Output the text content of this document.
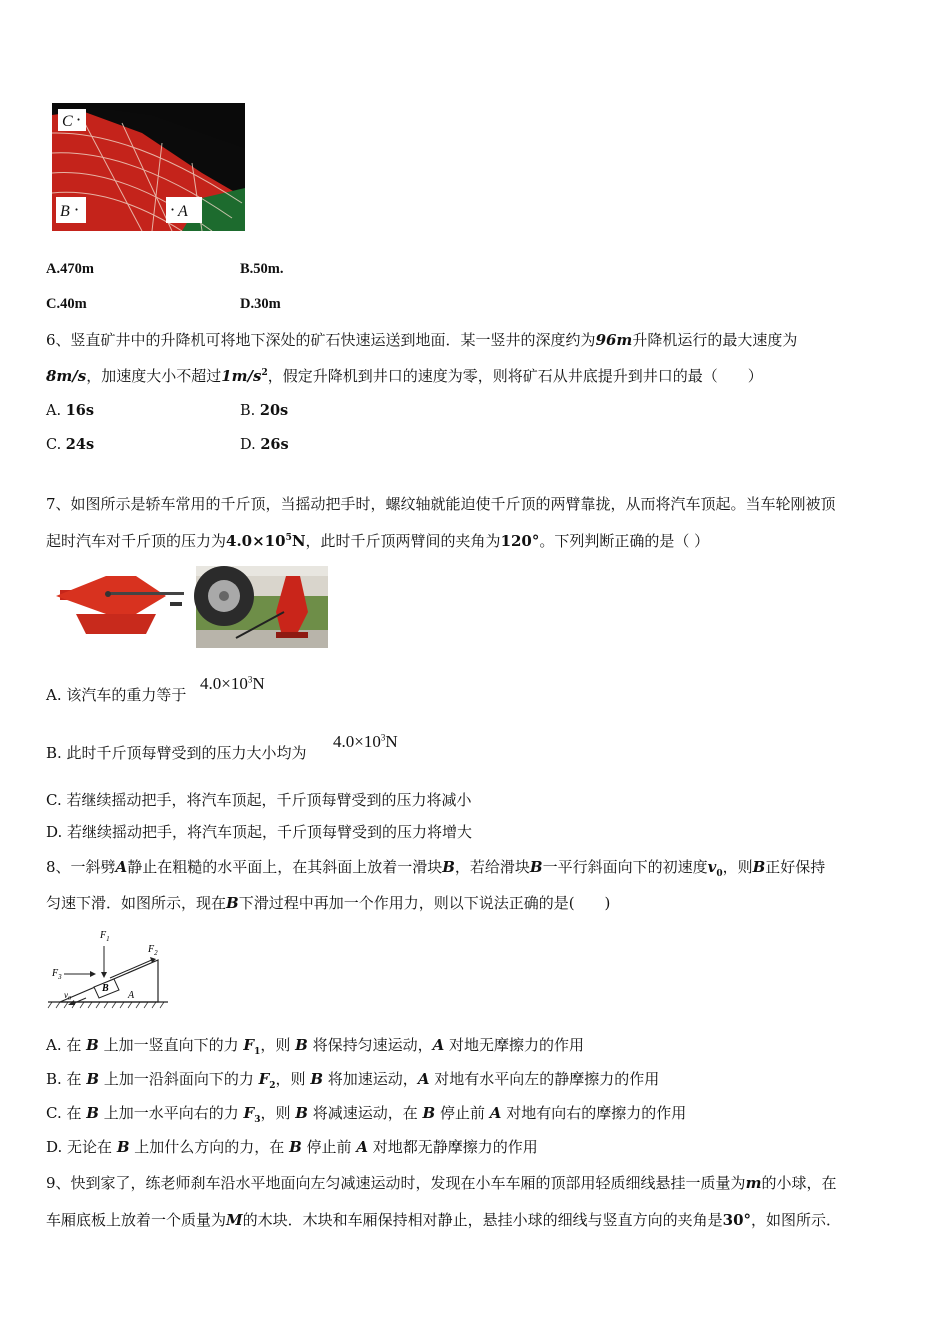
C ·
B ·	· A
A.470m	B.50m.
C.40m	D.30m
6、竖直矿井中的升降机可将地下深处的矿石快速运送到地面．某一竖井的深度约为96m升降机运行的最大速度为
8m/s，加速度大小不超过$1m/s^2$，假定升降机到井口的速度为零，则将矿石从井底提升到井口的最（　　）
A. 16s	B. 20s
C. 24s	D. 26s
7、如图所示是轿车常用的千斤顶，当摇动把手时，螺纹轴就能迫使千斤顶的两臂靠拢，从而将汽车顶起。当车轮刚被顶
起时汽车对千斤顶的压力为$4.0\times 10^5N$，此时千斤顶两臂间的夹角为120°。下列判断正确的是（ ）
A. 该汽车的重力等于
$4.0\times 10^3N$
B. 此时千斤顶每臂受到的压力大小均为
$4.0\times 10^3N$
C. 若继续摇动把手，将汽车顶起，千斤顶每臂受到的压力将减小
D. 若继续摇动把手，将汽车顶起，千斤顶每臂受到的压力将增大
8、一斜劈A静止在粗糙的水平面上，在其斜面上放着一滑块B，若给滑块B一平行斜面向下的初速度$v_0$，则B正好保持
匀速下滑．如图所示，现在B下滑过程中再加一个作用力，则以下说法正确的是(　　)
$F_1$
$F_2$
$F_3$
B
A
$v_0$
A. 在 B 上加一竖直向下的力 $F_1$，则 B 将保持匀速运动，A 对地无摩擦力的作用
B. 在 B 上加一沿斜面向下的力 $F_2$，则 B 将加速运动，A 对地有水平向左的静摩擦力的作用
C. 在 B 上加一水平向右的力 $F_3$，则 B 将减速运动，在 B 停止前 A 对地有向右的摩擦力的作用
D. 无论在 B 上加什么方向的力，在 B 停止前 A 对地都无静摩擦力的作用
9、快到家了，练老师刹车沿水平地面向左匀减速运动时，发现在小车车厢的顶部用轻质细线悬挂一质量为m的小球，在
车厢底板上放着一个质量为M的木块．木块和车厢保持相对静止，悬挂小球的细线与竖直方向的夹角是30°，如图所示．
